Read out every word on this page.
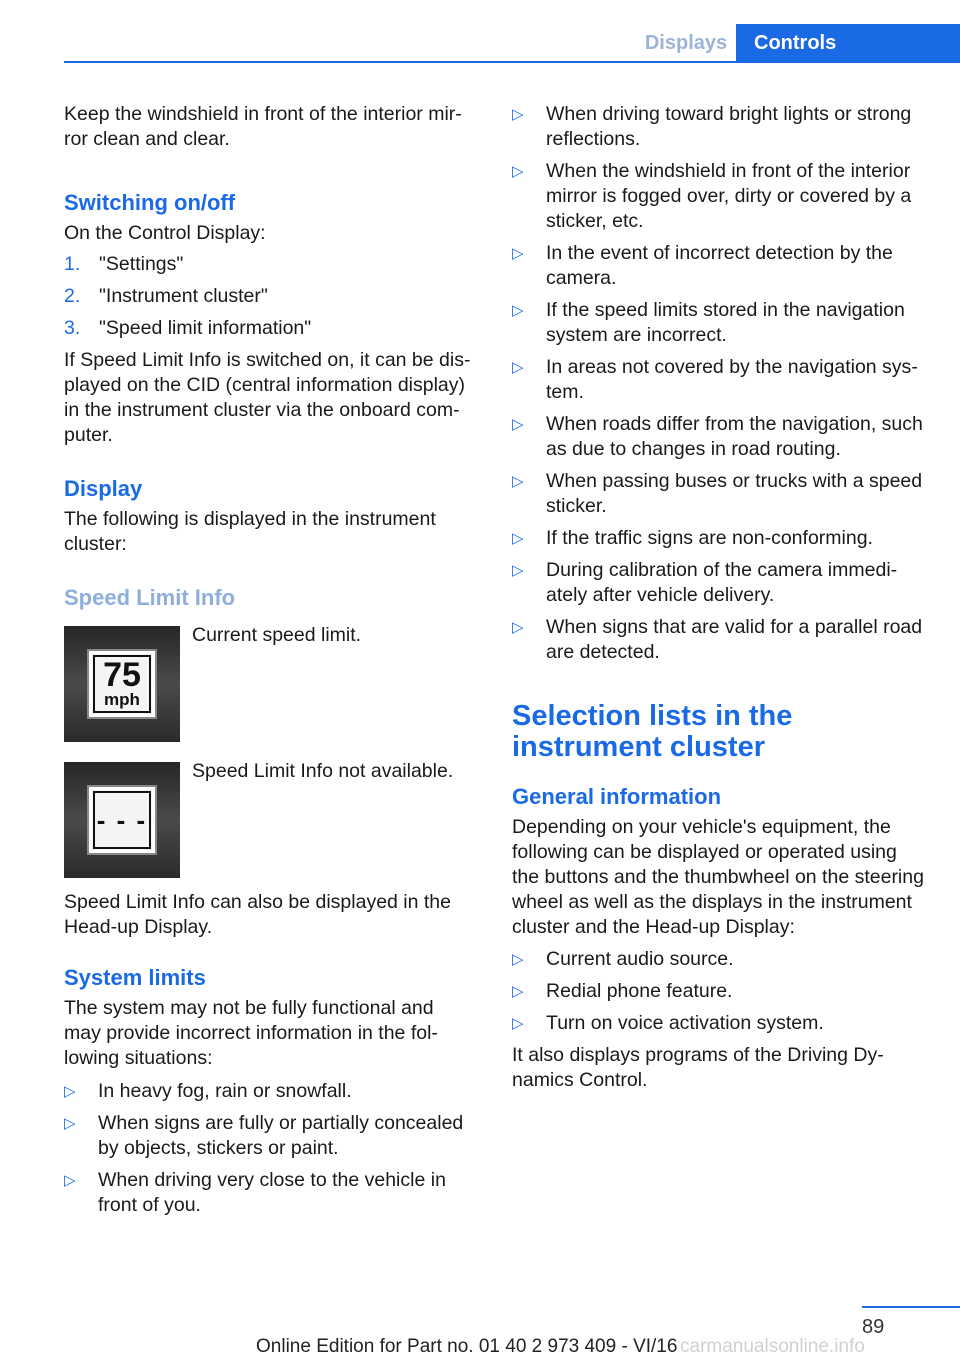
Displays	Controls

Keep the windshield in front of the interior mirror clean and clear.

Switching on/off

On the Control Display:

1. "Settings"
2. "Instrument cluster"
3. "Speed limit information"

If Speed Limit Info is switched on, it can be displayed on the CID (central information display) in the instrument cluster via the onboard computer.

Display

The following is displayed in the instrument cluster:

Speed Limit Info
75
mph
Current speed limit.
- - -
Speed Limit Info not available.

Speed Limit Info can also be displayed in the Head-up Display.

System limits

The system may not be fully functional and may provide incorrect information in the following situations:

▷	In heavy fog, rain or snowfall.
▷	When signs are fully or partially concealed by objects, stickers or paint.
▷	When driving very close to the vehicle in front of you.
▷	When driving toward bright lights or strong reflections.
▷	When the windshield in front of the interior mirror is fogged over, dirty or covered by a sticker, etc.
▷	In the event of incorrect detection by the camera.
▷	If the speed limits stored in the navigation system are incorrect.
▷	In areas not covered by the navigation system.
▷	When roads differ from the navigation, such as due to changes in road routing.
▷	When passing buses or trucks with a speed sticker.
▷	If the traffic signs are non-conforming.
▷	During calibration of the camera immediately after vehicle delivery.
▷	When signs that are valid for a parallel road are detected.
Selection lists in the instrument cluster
General information

Depending on your vehicle's equipment, the following can be displayed or operated using the buttons and the thumbwheel on the steering wheel as well as the displays in the instrument cluster and the Head-up Display:

▷	Current audio source.
▷	Redial phone feature.
▷	Turn on voice activation system.

It also displays programs of the Driving Dynamics Control.

89
Online Edition for Part no. 01 40 2 973 409 - VI/16 carmanualsonline.info
